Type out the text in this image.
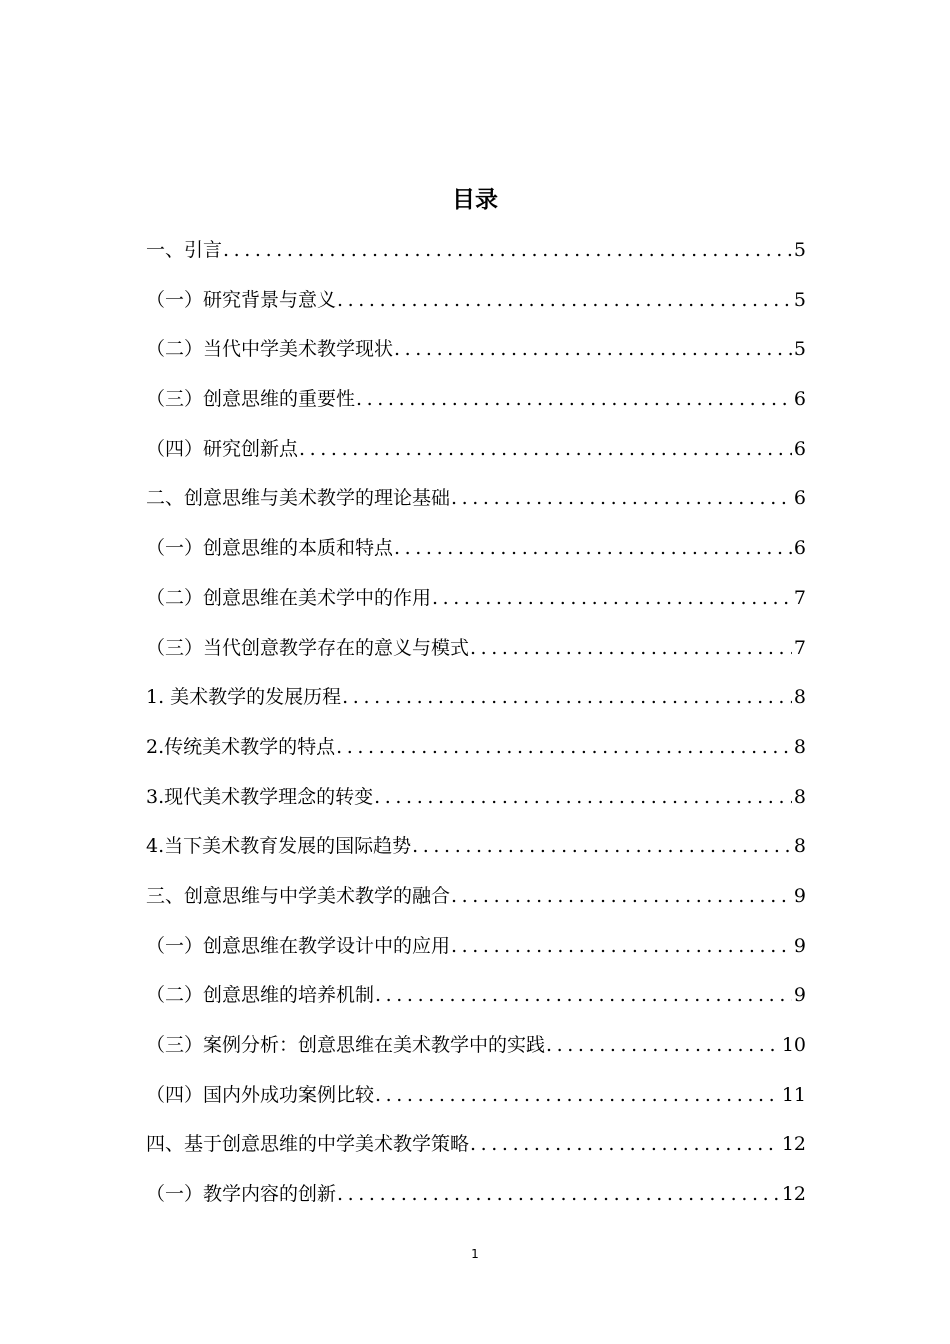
目录
一、引言 .....	5
（一）研究背景与意义 .....	5
（二）当代中学美术教学现状 .....	5
（三）创意思维的重要性 .....	6
（四）研究创新点 .....	6
二、创意思维与美术教学的理论基础 .....	6
（一）创意思维的本质和特点 .....	6
（二）创意思维在美术学中的作用 .....	7
（三）当代创意教学存在的意义与模式 .....	7
1. 美术教学的发展历程 .....	8
2.传统美术教学的特点 .....	8
3.现代美术教学理念的转变 .....	8
4.当下美术教育发展的国际趋势 .....	8
三、创意思维与中学美术教学的融合 .....	9
（一）创意思维在教学设计中的应用 .....	9
（二）创意思维的培养机制 .....	9
（三）案例分析：创意思维在美术教学中的实践 .....	10
（四）国内外成功案例比较 .....	11
四、基于创意思维的中学美术教学策略 .....	12
（一）教学内容的创新 .....	12
1
